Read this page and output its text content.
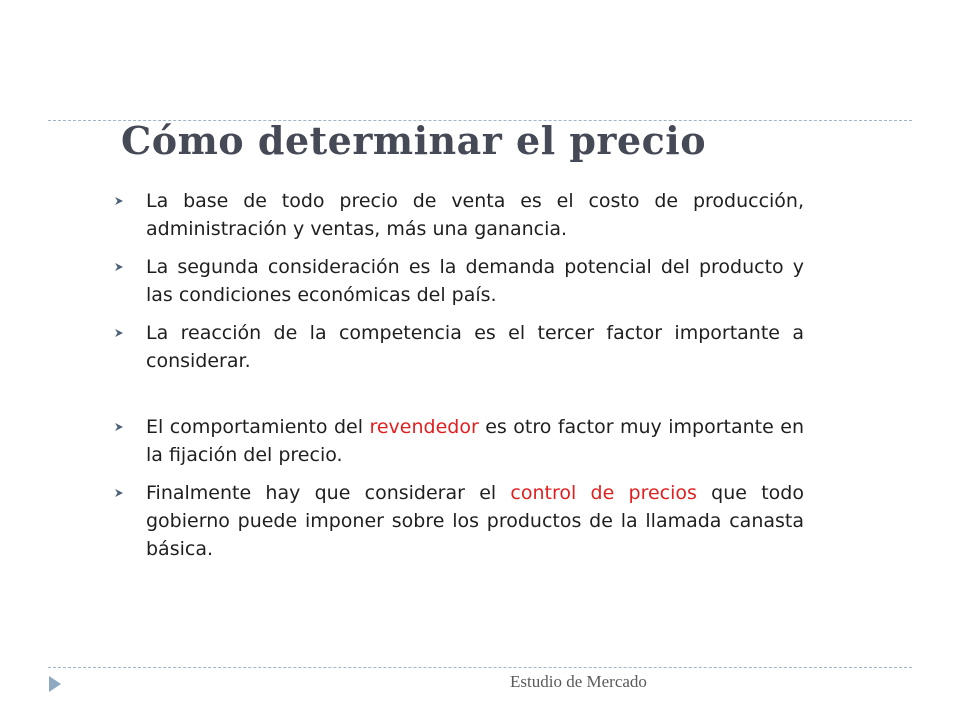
Cómo determinar el precio
La base de todo precio de venta es el costo de producción, administración y ventas, más una ganancia.
La segunda consideración es la demanda potencial del producto y las condiciones económicas del país.
La reacción de la competencia es el tercer factor importante a considerar.
El comportamiento del revendedor es otro factor muy importante en la fijación del precio.
Finalmente hay que considerar el control de precios que todo gobierno puede imponer sobre los productos de la llamada canasta básica.
Estudio de Mercado
